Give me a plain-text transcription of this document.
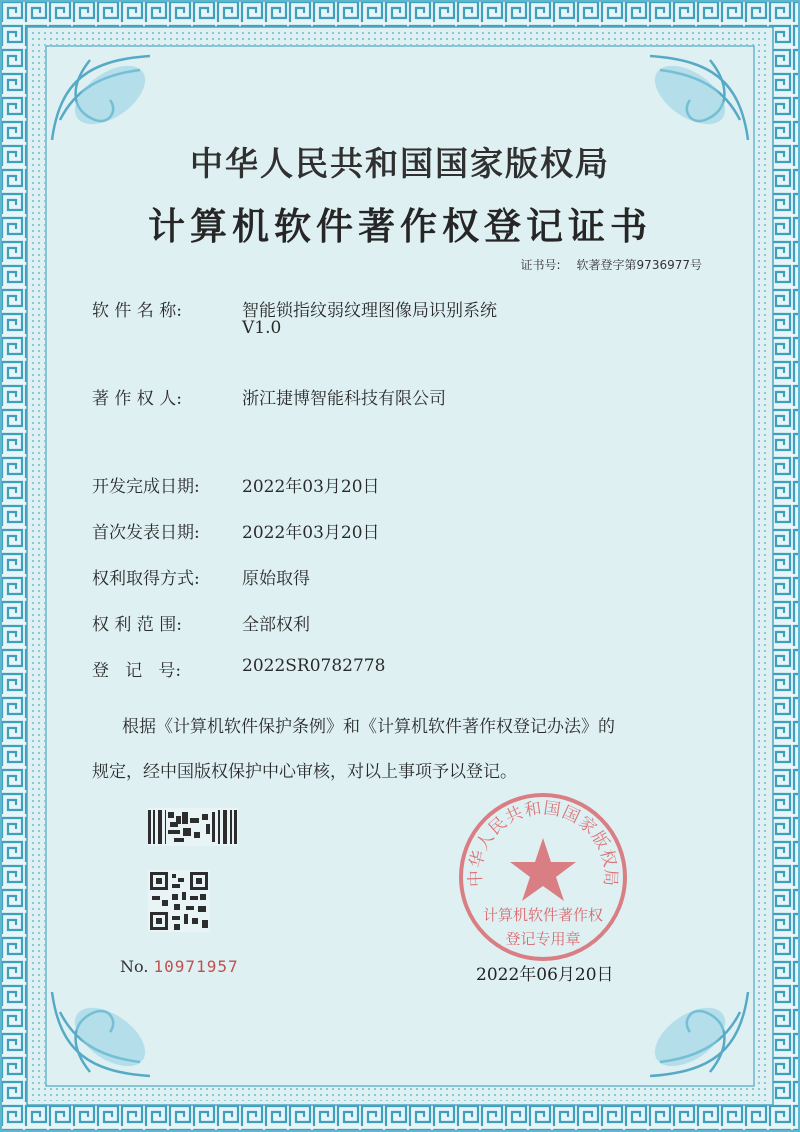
中华人民共和国国家版权局
计算机软件著作权登记证书
证书号: 软著登字第9736977号
软 件 名 称:	智能锁指纹弱纹理图像局识别系统
V1.0
著 作 权 人:	浙江捷博智能科技有限公司
开发完成日期:	2022年03月20日
首次发表日期:	2022年03月20日
权利取得方式:	原始取得
权 利 范 围:	全部权利
登   记   号:	2022SR0782778
根据《计算机软件保护条例》和《计算机软件著作权登记办法》的
规定，经中国版权保护中心审核，对以上事项予以登记。
No. 10971957
中华人民共和国国家版权局
计算机软件著作权
登记专用章
2022年06月20日
